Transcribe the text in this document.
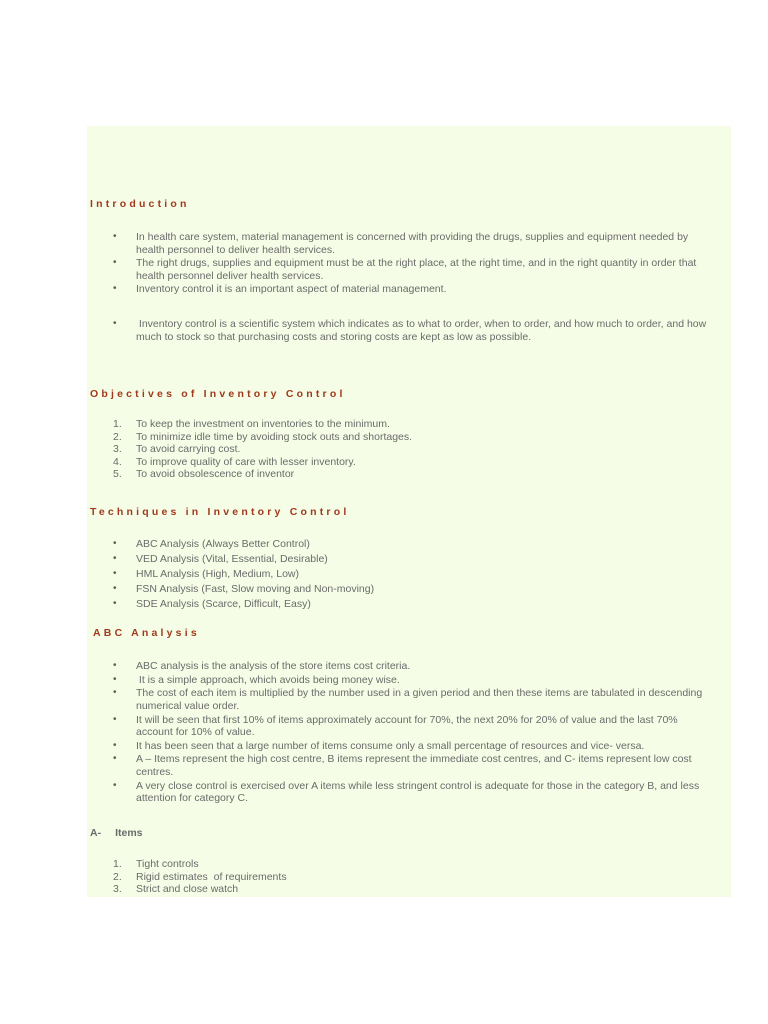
Introduction
• In health care system, material management is concerned with providing the drugs, supplies and equipment needed by health personnel to deliver health services.
• The right drugs, supplies and equipment must be at the right place, at the right time, and in the right quantity in order that health personnel deliver health services.
• Inventory control it is an important aspect of material management.
• Inventory control is a scientific system which indicates as to what to order, when to order, and how much to order, and how much to stock so that purchasing costs and storing costs are kept as low as possible.
Objectives of Inventory Control
1. To keep the investment on inventories to the minimum.
2. To minimize idle time by avoiding stock outs and shortages.
3. To avoid carrying cost.
4. To improve quality of care with lesser inventory.
5. To avoid obsolescence of inventor
Techniques in Inventory Control
• ABC Analysis (Always Better Control)
• VED Analysis (Vital, Essential, Desirable)
• HML Analysis (High, Medium, Low)
• FSN Analysis (Fast, Slow moving and Non-moving)
• SDE Analysis (Scarce, Difficult, Easy)
ABC Analysis
• ABC analysis is the analysis of the store items cost criteria.
• It is a simple approach, which avoids being money wise.
• The cost of each item is multiplied by the number used in a given period and then these items are tabulated in descending numerical value order.
• It will be seen that first 10% of items approximately account for 70%, the next 20% for 20% of value and the last 70% account for 10% of value.
• It has been seen that a large number of items consume only a small percentage of resources and vice- versa.
• A – Items represent the high cost centre, B items represent the immediate cost centres, and C- items represent low cost centres.
• A very close control is exercised over A items while less stringent control is adequate for those in the category B, and less attention for category C.
A- Items
1. Tight controls
2. Rigid estimates  of requirements
3. Strict and close watch
